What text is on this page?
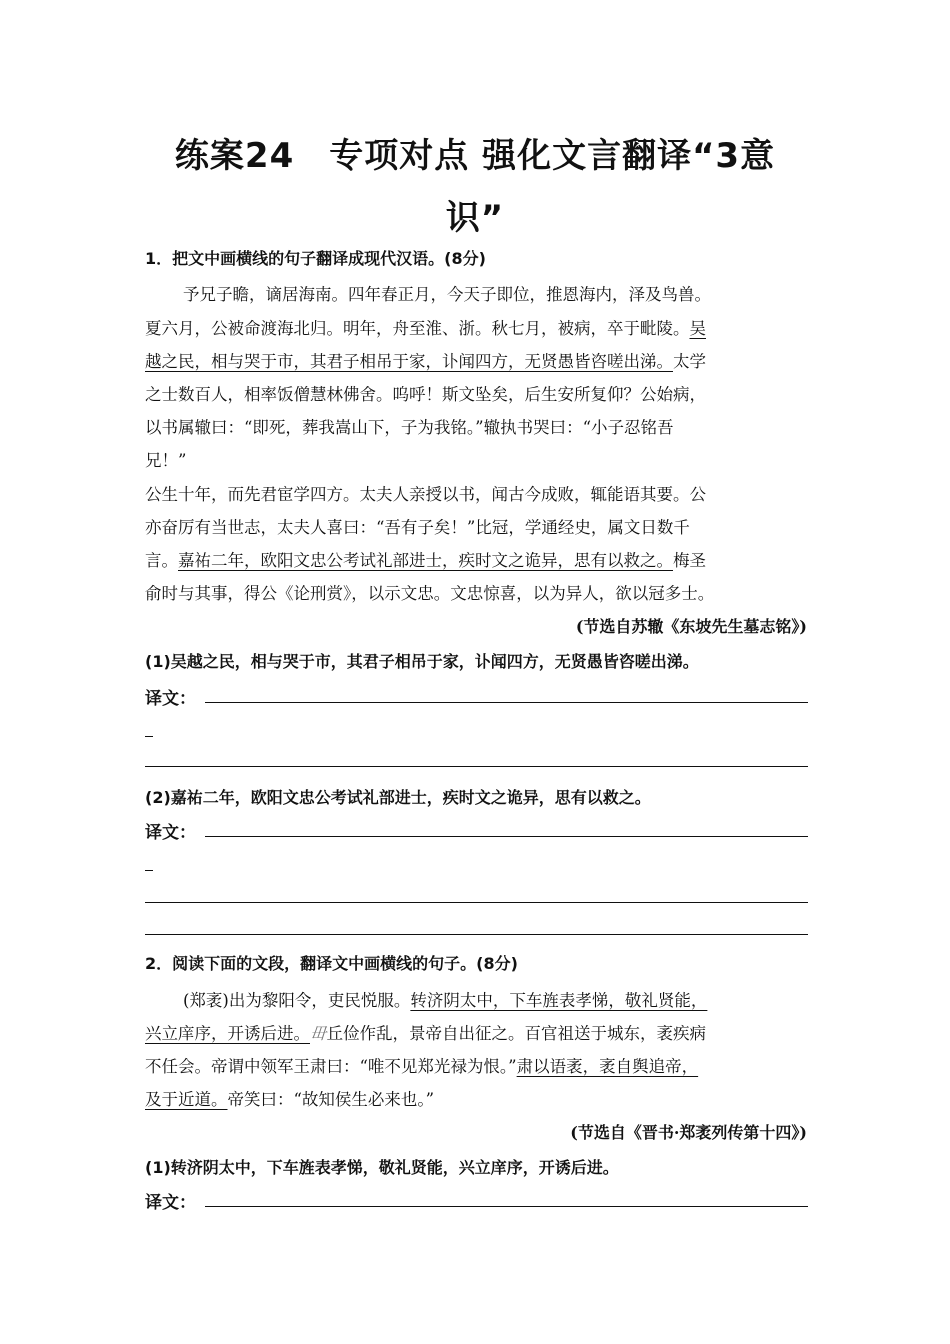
练案24　专项对点 强化文言翻译“3意
识”
1．把文中画横线的句子翻译成现代汉语。(8分)
予兄子瞻，谪居海南。四年春正月，今天子即位，推恩海内，泽及鸟兽。
夏六月，公被命渡海北归。明年，舟至淮、浙。秋七月，被病，卒于毗陵。吴
越之民，相与哭于市，其君子相吊于家，讣闻四方，无贤愚皆咨嗟出涕。太学
之士数百人，相率饭僧慧林佛舍。呜呼！斯文坠矣，后生安所复仰？公始病，
以书属辙曰：“即死，葬我嵩山下，子为我铭。”辙执书哭曰：“小子忍铭吾
兄！”
公生十年，而先君宦学四方。太夫人亲授以书，闻古今成败，辄能语其要。公
亦奋厉有当世志，太夫人喜曰：“吾有子矣！”比冠，学通经史，属文日数千
言。嘉祐二年，欧阳文忠公考试礼部进士，疾时文之诡异，思有以救之。梅圣
俞时与其事，得公《论刑赏》，以示文忠。文忠惊喜，以为异人，欲以冠多士。
(节选自苏辙《东坡先生墓志铭》)
(1)吴越之民，相与哭于市，其君子相吊于家，讣闻四方，无贤愚皆咨嗟出涕。
译文：
(2)嘉祐二年，欧阳文忠公考试礼部进士，疾时文之诡异，思有以救之。
译文：
2．阅读下面的文段，翻译文中画横线的句子。(8分)
(郑袤)出为黎阳令，吏民悦服。转济阴太中，下车旌表孝悌，敬礼贤能，
兴立庠序，开诱后进。毌丘俭作乱，景帝自出征之。百官祖送于城东，袤疾病
不任会。帝谓中领军王肃曰：“唯不见郑光禄为恨。”肃以语袤，袤自舆追帝，
及于近道。帝笑曰：“故知侯生必来也。”
(节选自《晋书·郑袤列传第十四》)
(1)转济阴太中，下车旌表孝悌，敬礼贤能，兴立庠序，开诱后进。
译文：
